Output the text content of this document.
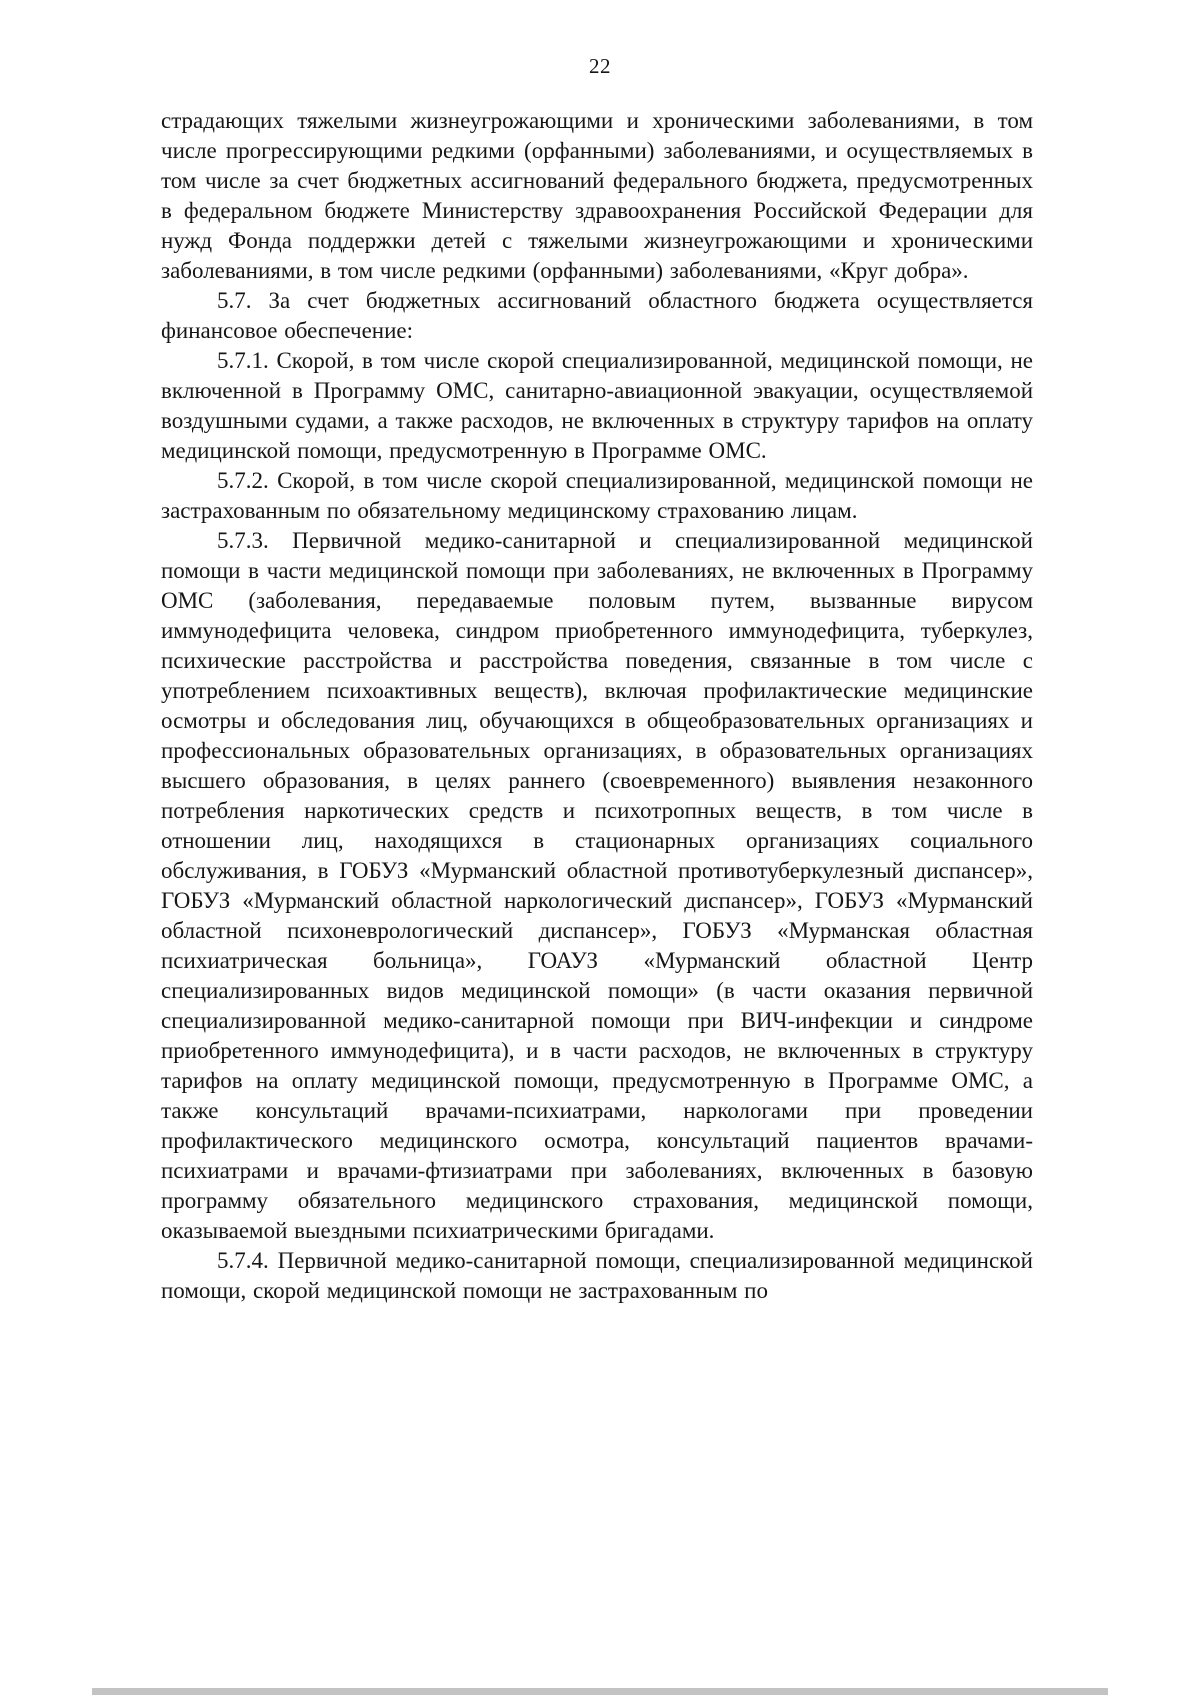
22

страдающих тяжелыми жизнеугрожающими и хроническими заболеваниями, в том числе прогрессирующими редкими (орфанными) заболеваниями, и осуществляемых в том числе за счет бюджетных ассигнований федерального бюджета, предусмотренных в федеральном бюджете Министерству здравоохранения Российской Федерации для нужд Фонда поддержки детей с тяжелыми жизнеугрожающими и хроническими заболеваниями, в том числе редкими (орфанными) заболеваниями, «Круг добра».

5.7. За счет бюджетных ассигнований областного бюджета осуществляется финансовое обеспечение:

5.7.1. Скорой, в том числе скорой специализированной, медицинской помощи, не включенной в Программу ОМС, санитарно-авиационной эвакуации, осуществляемой воздушными судами, а также расходов, не включенных в структуру тарифов на оплату медицинской помощи, предусмотренную в Программе ОМС.

5.7.2. Скорой, в том числе скорой специализированной, медицинской помощи не застрахованным по обязательному медицинскому страхованию лицам.

5.7.3. Первичной медико-санитарной и специализированной медицинской помощи в части медицинской помощи при заболеваниях, не включенных в Программу ОМС (заболевания, передаваемые половым путем, вызванные вирусом иммунодефицита человека, синдром приобретенного иммунодефицита, туберкулез, психические расстройства и расстройства поведения, связанные в том числе с употреблением психоактивных веществ), включая профилактические медицинские осмотры и обследования лиц, обучающихся в общеобразовательных организациях и профессиональных образовательных организациях, в образовательных организациях высшего образования, в целях раннего (своевременного) выявления незаконного потребления наркотических средств и психотропных веществ, в том числе в отношении лиц, находящихся в стационарных организациях социального обслуживания, в ГОБУЗ «Мурманский областной противотуберкулезный диспансер», ГОБУЗ «Мурманский областной наркологический диспансер», ГОБУЗ «Мурманский областной психоневрологический диспансер», ГОБУЗ «Мурманская областная психиатрическая больница», ГОАУЗ «Мурманский областной Центр специализированных видов медицинской помощи» (в части оказания первичной специализированной медико-санитарной помощи при ВИЧ-инфекции и синдроме приобретенного иммунодефицита), и в части расходов, не включенных в структуру тарифов на оплату медицинской помощи, предусмотренную в Программе ОМС, а также консультаций врачами-психиатрами, наркологами при проведении профилактического медицинского осмотра, консультаций пациентов врачами-психиатрами и врачами-фтизиатрами при заболеваниях, включенных в базовую программу обязательного медицинского страхования, медицинской помощи, оказываемой выездными психиатрическими бригадами.

5.7.4. Первичной медико-санитарной помощи, специализированной медицинской помощи, скорой медицинской помощи не застрахованным по
